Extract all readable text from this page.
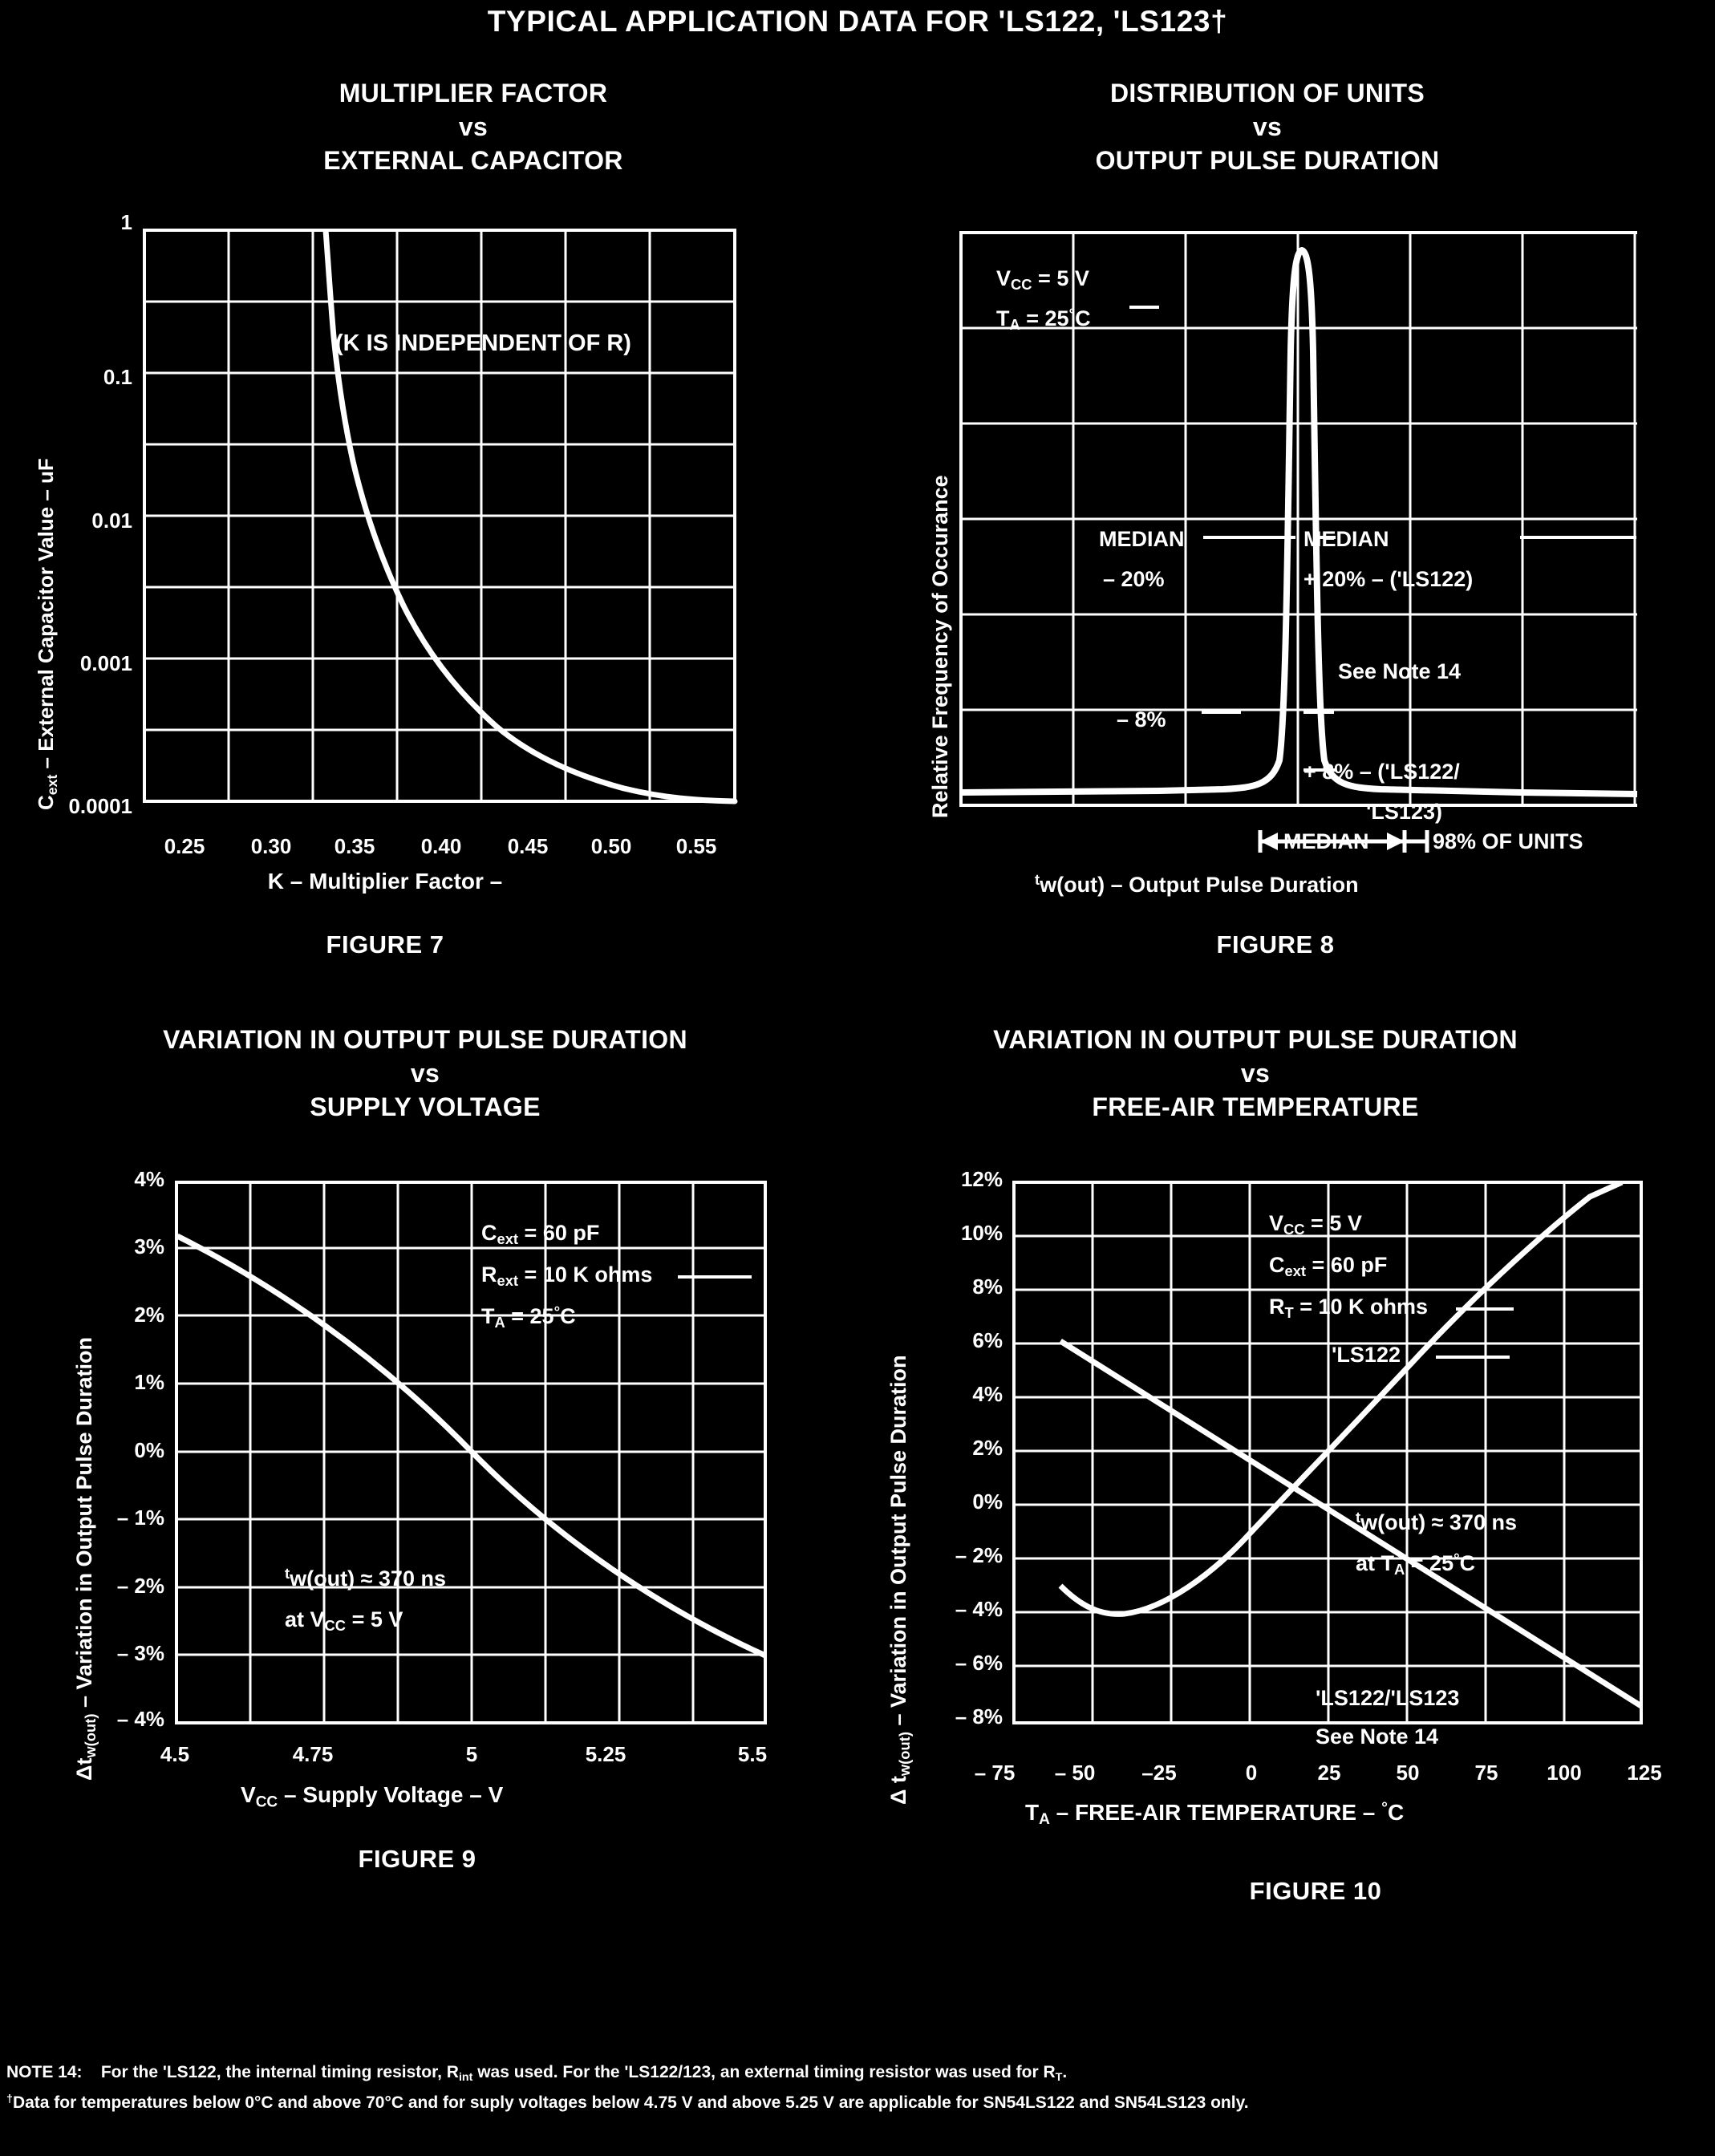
TYPICAL APPLICATION DATA FOR 'LS122, 'LS123†
MULTIPLIER FACTOR
vs
EXTERNAL CAPACITOR
$C_{ext}$ – External Capacitor Value – uF
(K IS INDEPENDENT OF R)
1
0.1
0.01
0.001
0.0001
0.25	0.30	0.35	0.40	0.45	0.50	0.55
K – Multiplier Factor –
FIGURE 7
DISTRIBUTION OF UNITS
vs
OUTPUT PULSE DURATION
Relative Frequency of Occurance
$V_{CC} = 5$ V
$T_A = 25^\circ C$
MEDIAN
– 20%
MEDIAN
+ 20% – ('LS122)
See Note 14
– 8%
+ 8% – ('LS122/
'LS123)
MEDIAN	98% OF UNITS
$^t$w(out) – Output Pulse Duration
FIGURE 8
VARIATION IN OUTPUT PULSE DURATION
vs
SUPPLY VOLTAGE
$\Delta t_{w(out)}$ – Variation in Output Pulse Duration
$C_{ext} = 60$ pF
$R_{ext} = 10$ K ohms
$T_A = 25^\circ C$
$^t$w(out) ≈ 370 ns
at $V_{CC} = 5$ V
4%
3%
2%
1%
0%
– 1%
– 2%
– 3%
– 4%
4.5	4.75	5	5.25	5.5
$V_{CC}$ – Supply Voltage – V
FIGURE 9
VARIATION IN OUTPUT PULSE DURATION
vs
FREE-AIR TEMPERATURE
Δ $t_{w(out)}$ – Variation in Output Pulse Duration
$V_{CC} = 5$ V
$C_{ext} = 60$ pF
$R_T = 10$ K ohms
'LS122
$^t$w(out) ≈ 370 ns
at $T_A = 25^\circ C$
'LS122/'LS123
See Note 14
12%
10%
8%
6%
4%
2%
0%
– 2%
– 4%
– 6%
– 8%
– 75	– 50	–25	0	25	50	75	100	125
$T_A$ – FREE-AIR TEMPERATURE – °C
FIGURE 10
NOTE 14:    For the 'LS122, the internal timing resistor, $R_{int}$ was used. For the 'LS122/123, an external timing resistor was used for $R_T$.
†Data for temperatures below 0°C and above 70°C and for suply voltages below 4.75 V and above 5.25 V are applicable for SN54LS122 and SN54LS123 only.
